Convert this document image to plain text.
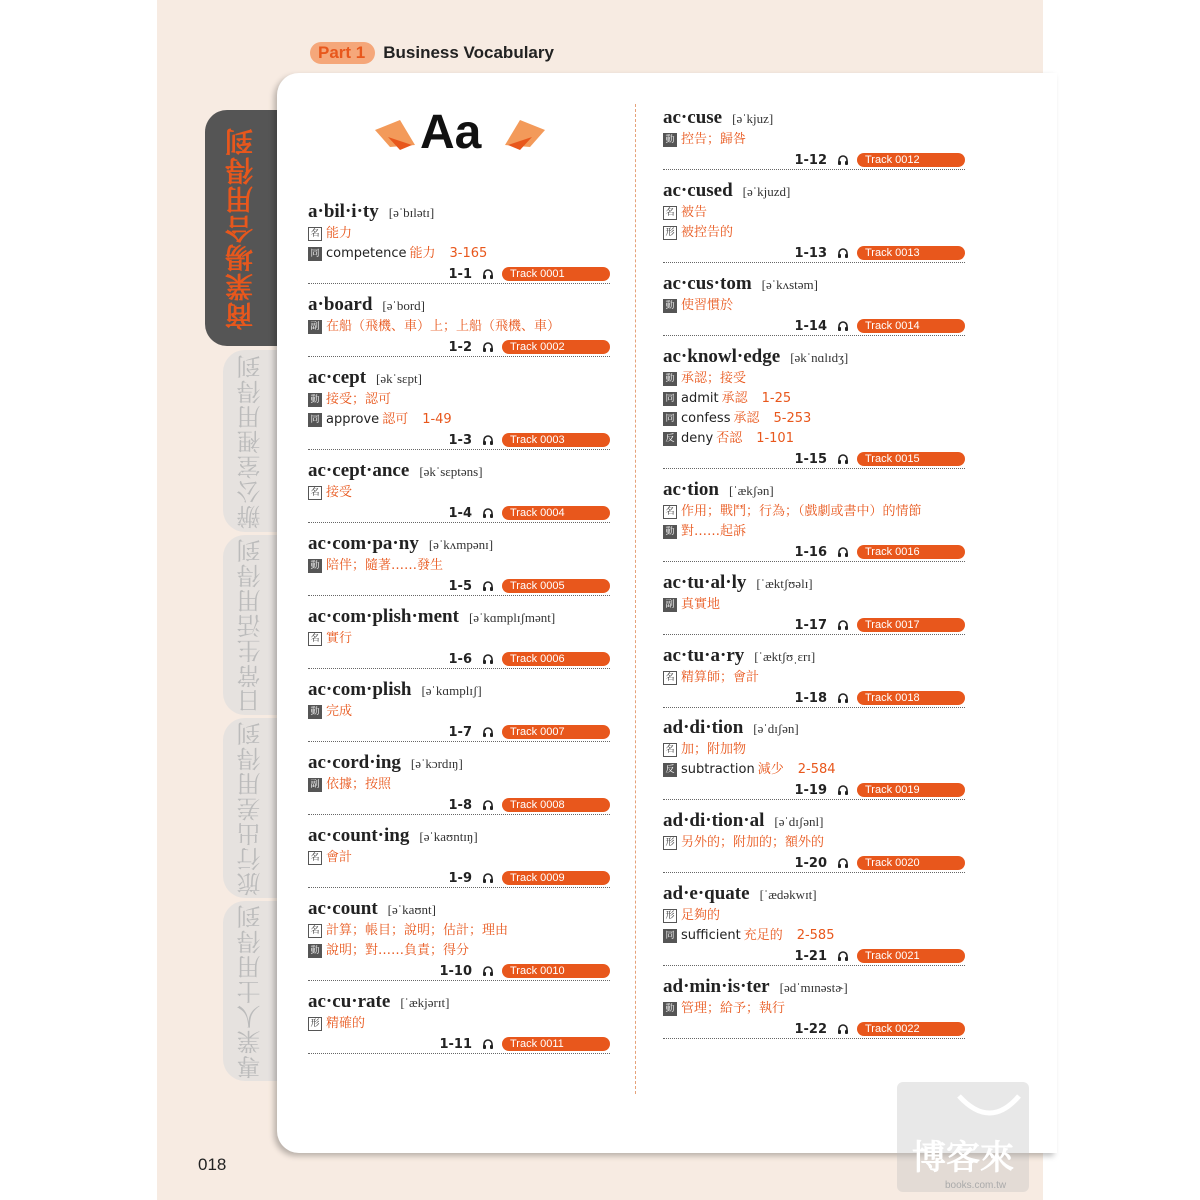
Part 1	Business Vocabulary
商業場合用得到
辦公室裡用得到
日常生活用得到
旅行出差用得到
專業人士用得到
Aa
a·bil·i·ty [əˈbɪlətɪ]
名 能力
同 competence 能力 3-165
1-1	Track 0001
a·board [əˈbord]
副 在船（飛機、車）上；上船（飛機、車）
1-2	Track 0002
ac·cept [əkˈsɛpt]
動 接受；認可
同 approve 認可 1-49
1-3	Track 0003
ac·cept·ance [əkˈsɛptəns]
名 接受
1-4	Track 0004
ac·com·pa·ny [əˈkʌmpənɪ]
動 陪伴；隨著……發生
1-5	Track 0005
ac·com·plish·ment [əˈkɑmplɪʃmənt]
名 實行
1-6	Track 0006
ac·com·plish [əˈkɑmplɪʃ]
動 完成
1-7	Track 0007
ac·cord·ing [əˈkɔrdɪŋ]
副 依據；按照
1-8	Track 0008
ac·count·ing [əˈkaʊntɪŋ]
名 會計
1-9	Track 0009
ac·count [əˈkaʊnt]
名 計算；帳目；說明；估計；理由
動 說明；對……負責；得分
1-10	Track 0010
ac·cu·rate [ˈækjərɪt]
形 精確的
1-11	Track 0011
ac·cuse [əˈkjuz]
動 控告；歸咎
1-12	Track 0012
ac·cused [əˈkjuzd]
名 被告
形 被控告的
1-13	Track 0013
ac·cus·tom [əˈkʌstəm]
動 使習慣於
1-14	Track 0014
ac·knowl·edge [əkˈnɑlɪdʒ]
動 承認；接受
同 admit 承認 1-25
同 confess 承認 5-253
反 deny 否認 1-101
1-15	Track 0015
ac·tion [ˈækʃən]
名 作用；戰鬥；行為；（戲劇或書中）的情節
動 對……起訴
1-16	Track 0016
ac·tu·al·ly [ˈæktʃʊəlɪ]
副 真實地
1-17	Track 0017
ac·tu·a·ry [ˈæktʃʊˌɛrɪ]
名 精算師；會計
1-18	Track 0018
ad·di·tion [əˈdɪʃən]
名 加；附加物
反 subtraction 減少 2-584
1-19	Track 0019
ad·di·tion·al [əˈdɪʃənl]
形 另外的；附加的；額外的
1-20	Track 0020
ad·e·quate [ˈædəkwɪt]
形 足夠的
同 sufficient 充足的 2-585
1-21	Track 0021
ad·min·is·ter [ədˈmɪnəstɚ]
動 管理；給予；執行
1-22	Track 0022
018	博客來
books.com.tw
